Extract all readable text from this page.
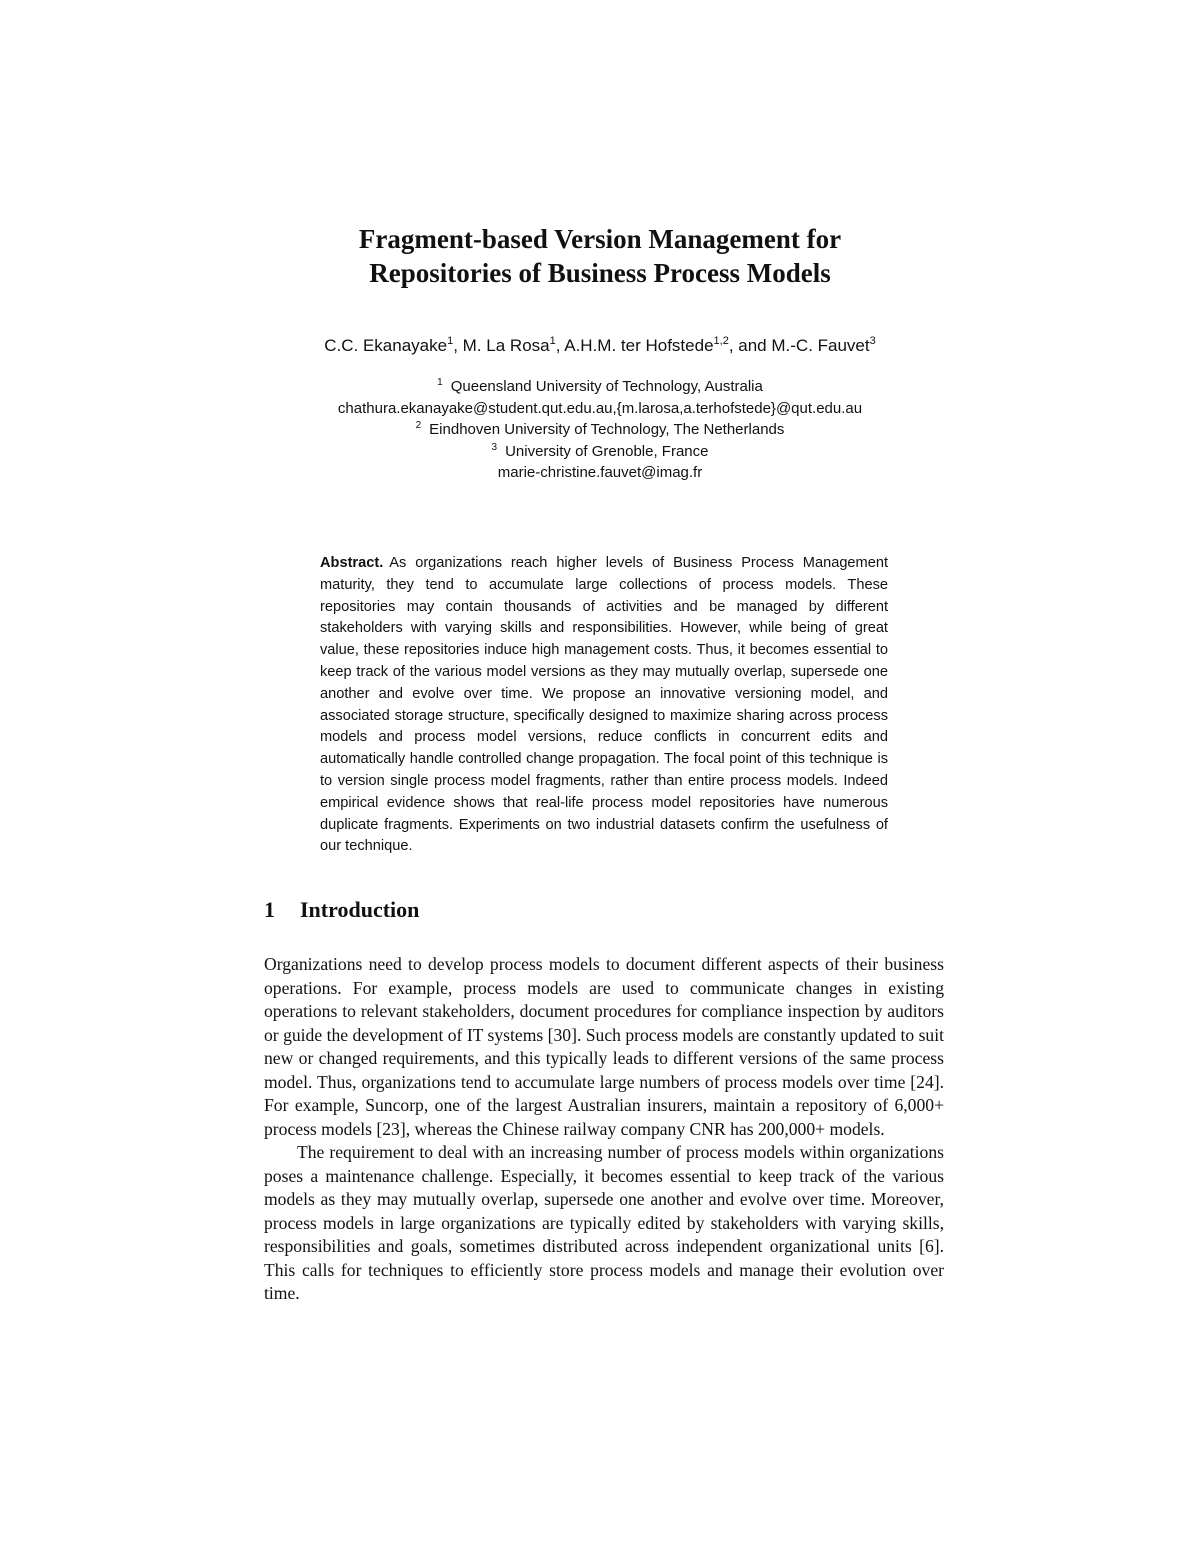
Fragment-based Version Management for
Repositories of Business Process Models
C.C. Ekanayake$^1$, M. La Rosa$^1$, A.H.M. ter Hofstede$^{1,2}$, and M.-C. Fauvet$^3$
$^1$ Queensland University of Technology, Australia
chathura.ekanayake@student.qut.edu.au,{m.larosa,a.terhofstede}@qut.edu.au
$^2$ Eindhoven University of Technology, The Netherlands
$^3$ University of Grenoble, France
marie-christine.fauvet@imag.fr

Abstract. As organizations reach higher levels of Business Process Management maturity, they tend to accumulate large collections of process models. These repositories may contain thousands of activities and be managed by different stakeholders with varying skills and responsibilities. However, while being of great value, these repositories induce high management costs. Thus, it becomes essential to keep track of the various model versions as they may mutually overlap, supersede one another and evolve over time. We propose an innovative versioning model, and associated storage structure, specifically designed to maximize sharing across process models and process model versions, reduce conflicts in concurrent edits and automatically handle controlled change propagation. The focal point of this technique is to version single process model fragments, rather than entire process models. Indeed empirical evidence shows that real-life process model repositories have numerous duplicate fragments. Experiments on two industrial datasets confirm the usefulness of our technique.

1 Introduction

Organizations need to develop process models to document different aspects of their business operations. For example, process models are used to communicate changes in existing operations to relevant stakeholders, document procedures for compliance inspection by auditors or guide the development of IT systems [30]. Such process models are constantly updated to suit new or changed requirements, and this typically leads to different versions of the same process model. Thus, organizations tend to accumulate large numbers of process models over time [24]. For example, Suncorp, one of the largest Australian insurers, maintain a repository of 6,000+ process models [23], whereas the Chinese railway company CNR has 200,000+ models.

The requirement to deal with an increasing number of process models within organizations poses a maintenance challenge. Especially, it becomes essential to keep track of the various models as they may mutually overlap, supersede one another and evolve over time. Moreover, process models in large organizations are typically edited by stakeholders with varying skills, responsibilities and goals, sometimes distributed across independent organizational units [6]. This calls for techniques to efficiently store process models and manage their evolution over time.
